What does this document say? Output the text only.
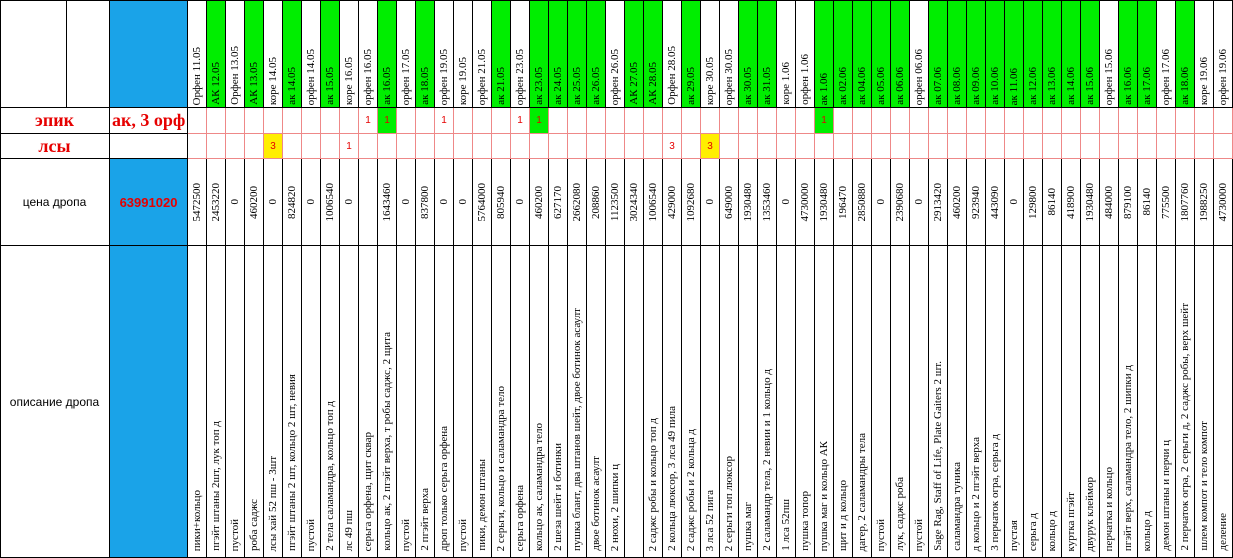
эпик ак, 3 орф
лсы
цена дропа	63991020
описание дропа
Орфен 11.05
5472500
пики+кольцо
АК 12.05
2453220
пгэйт штаны 2шт, лук топ д
Орфен 13.05
0
пустой
АК 13.05
460200
роба саджс
коре 14.05
3
0
лсы хай 52 пш - 3шт
ак 14.05
824820
пгэйт штаны 2 шт, кольцо 2 шт, невия
орфен 14.05
0
пустой
ак 15.05
1006540
2 тела саламандра, кольцо топ д
коре 16.05
1
0
лс 49 пш
орфен 16.05
1
серьга орфена, щит сквар
ак 16.05
1
1643460
кольцо ак, 2 пгэйт верха, т робы саджс, 2 щита
орфен 17.05
0
пустой
ак 18.05
837800
2 пгэйт верха
орфен 19.05
1
0
дроп только серьга орфена
коре 19.05
0
пустой
орфен 21.05
5764000
пики, демон штаны
ак 21.05
805940
2 серьги, кольцо и саламандра тело
орфен 23.05
1
0
серьга орфена
ак 23.05
1
460200
кольцо ак, саламандра тело
ак 24.05
627170
2 шеза шейт и ботинки
ак 25.05
2662080
пушка блант, два штанов шейт, двое ботинок асаулт
ак 26.05
208860
двое ботинок асаулт
орфен 26.05
1123500
2 нюхи, 2 шипки ц
АК 27.05
3024340
АК 28.05
1006540
2 саджс робы и кольцо топ д
Орфен 28.05
3
429000
2 кольца люксор, 3 лса 49 пила
ак 29.05
1092680
2 саджс робы и 2 кольца д
коре 30.05
3
0
3 лса 52 пига
орфен 30.05
649000
2 серьги топ люксор
ак 30.05
1930480
пушка маг
ак 31.05
1353460
2 саламандр тела, 2 невии и 1 кольцо д
коре 1.06
0
1 лса 52пш
орфен 1.06
4730000
пушка топор
ак 1.06
1
1930480
пушка маг и кольцо АК
ак 02.06
196470
щит и д кольцо
ак 04.06
2850880
дагер, 2 саламандры тела
ак 05.06
0
пустой
ак 06.06
2390680
лук, саджс роба
орфен 06.06
0
пустой
ак 07.06
2913420
Sage Rag, Staff of Life, Plate Gaiters 2 шт.
ак 08.06
460200
саламандра туника
ак 09.06
923940
д кольцо и 2 пгэйт верха
ак 10.06
443090
3 перчаток огра, серьга д
ак 11.06
0
пустая
ак 12.06
129800
серьга д
ак 13.06
86140
кольцо д
ак 14.06
418900
куртка пгэйт
ак 15.06
1930480
двурук клеймор
орфен 15.06
484000
перчатка и кольцо
ак 16.06
879100
пгэйт верх, саламандра тело, 2 шипки д
ак 17.06
86140
кольцо д
орфен 17.06
775500
демон штаны и перчи ц
ак 18.06
1807760
2 перчаток огра, 2 серьги д, 2 саджс робы, верх шейт
коре 19.06
1988250
шлем компот и тело компот
орфен 19.06
4730000
деление
